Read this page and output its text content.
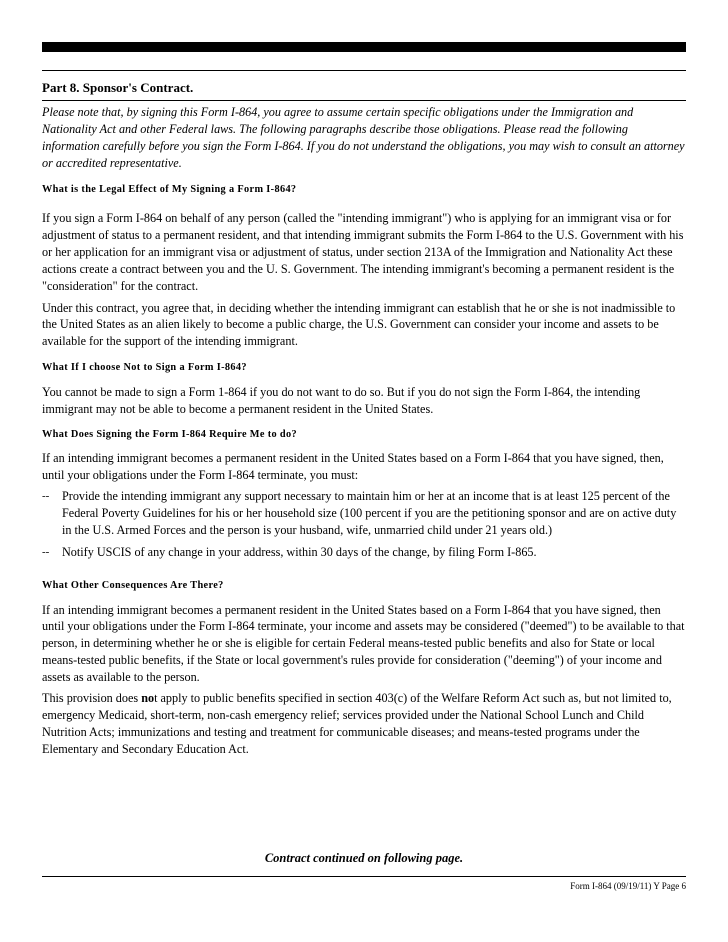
Part 8. Sponsor's Contract.
Please note that, by signing this Form I-864, you agree to assume certain specific obligations under the Immigration and Nationality Act and other Federal laws. The following paragraphs describe those obligations. Please read the following information carefully before you sign the Form I-864. If you do not understand the obligations, you may wish to consult an attorney or accredited representative.

What is the Legal Effect of My Signing a Form I-864?

If you sign a Form I-864 on behalf of any person (called the "intending immigrant") who is applying for an immigrant visa or for adjustment of status to a permanent resident, and that intending immigrant submits the Form I-864 to the U.S. Government with his or her application for an immigrant visa or adjustment of status, under section 213A of the Immigration and Nationality Act these actions create a contract between you and the U. S. Government. The intending immigrant's becoming a permanent resident is the "consideration" for the contract.

Under this contract, you agree that, in deciding whether the intending immigrant can establish that he or she is not inadmissible to the United States as an alien likely to become a public charge, the U.S. Government can consider your income and assets to be available for the support of the intending immigrant.

What If I choose Not to Sign a Form I-864?

You cannot be made to sign a Form 1-864 if you do not want to do so. But if you do not sign the Form I-864, the intending immigrant may not be able to become a permanent resident in the United States.

What Does Signing the Form I-864 Require Me to do?

If an intending immigrant becomes a permanent resident in the United States based on a Form I-864 that you have signed, then, until your obligations under the Form I-864 terminate, you must:

--	Provide the intending immigrant any support necessary to maintain him or her at an income that is at least 125 percent of the Federal Poverty Guidelines for his or her household size (100 percent if you are the petitioning sponsor and are on active duty in the U.S. Armed Forces and the person is your husband, wife, unmarried child under 21 years old.)
--	Notify USCIS of any change in your address, within 30 days of the change, by filing Form I-865.

What Other Consequences Are There?

If an intending immigrant becomes a permanent resident in the United States based on a Form I-864 that you have signed, then until your obligations under the Form I-864 terminate, your income and assets may be considered ("deemed") to be available to that person, in determining whether he or she is eligible for certain Federal means-tested public benefits and also for State or local means-tested public benefits, if the State or local government's rules provide for consideration ("deeming") of your income and assets as available to the person.

This provision does not apply to public benefits specified in section 403(c) of the Welfare Reform Act such as, but not limited to, emergency Medicaid, short-term, non-cash emergency relief; services provided under the National School Lunch and Child Nutrition Acts; immunizations and testing and treatment for communicable diseases; and means-tested programs under the Elementary and Secondary Education Act.

Contract continued on following page.
Form I-864 (09/19/11) Y Page 6
